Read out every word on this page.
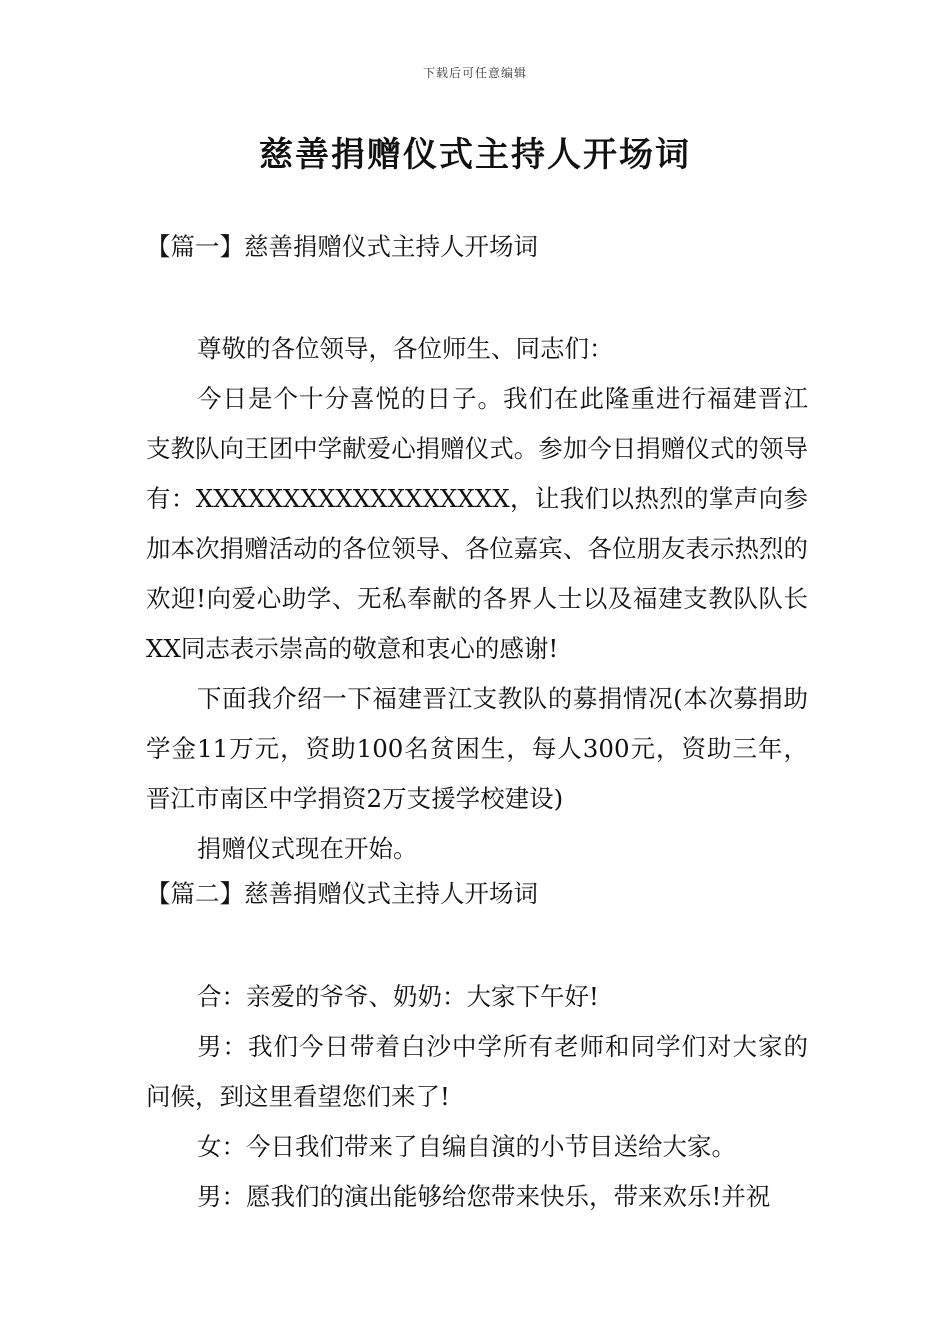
下载后可任意编辑
慈善捐赠仪式主持人开场词
【篇一】慈善捐赠仪式主持人开场词

尊敬的各位领导，各位师生、同志们：

今日是个十分喜悦的日子。我们在此隆重进行福建晋江支教队向王团中学献爱心捐赠仪式。参加今日捐赠仪式的领导有：XXXXXXXXXXXXXXXXXX，让我们以热烈的掌声向参加本次捐赠活动的各位领导、各位嘉宾、各位朋友表示热烈的欢迎!向爱心助学、无私奉献的各界人士以及福建支教队队长XX同志表示崇高的敬意和衷心的感谢!

下面我介绍一下福建晋江支教队的募捐情况(本次募捐助学金11万元，资助100名贫困生，每人300元，资助三年，晋江市南区中学捐资2万支援学校建设)

捐赠仪式现在开始。

【篇二】慈善捐赠仪式主持人开场词

合：亲爱的爷爷、奶奶：大家下午好!

男：我们今日带着白沙中学所有老师和同学们对大家的问候，到这里看望您们来了!

女：今日我们带来了自编自演的小节目送给大家。

男：愿我们的演出能够给您带来快乐，带来欢乐!并祝
